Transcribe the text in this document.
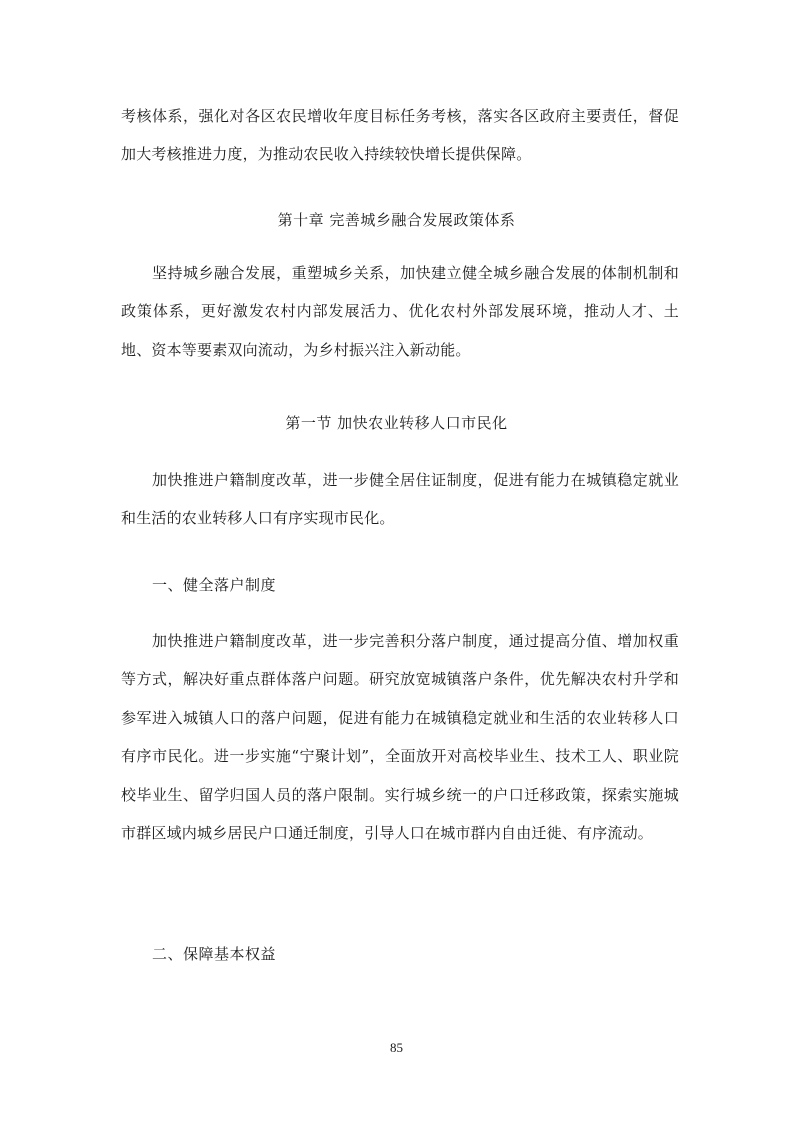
考核体系，强化对各区农民增收年度目标任务考核，落实各区政府主要责任，督促加大考核推进力度，为推动农民收入持续较快增长提供保障。

第十章 完善城乡融合发展政策体系

坚持城乡融合发展，重塑城乡关系，加快建立健全城乡融合发展的体制机制和政策体系，更好激发农村内部发展活力、优化农村外部发展环境，推动人才、土地、资本等要素双向流动，为乡村振兴注入新动能。

第一节 加快农业转移人口市民化

加快推进户籍制度改革，进一步健全居住证制度，促进有能力在城镇稳定就业和生活的农业转移人口有序实现市民化。

一、健全落户制度

加快推进户籍制度改革，进一步完善积分落户制度，通过提高分值、增加权重等方式，解决好重点群体落户问题。研究放宽城镇落户条件，优先解决农村升学和参军进入城镇人口的落户问题，促进有能力在城镇稳定就业和生活的农业转移人口有序市民化。进一步实施“宁聚计划”，全面放开对高校毕业生、技术工人、职业院校毕业生、留学归国人员的落户限制。实行城乡统一的户口迁移政策，探索实施城市群区域内城乡居民户口通迁制度，引导人口在城市群内自由迁徙、有序流动。

二、保障基本权益

85
